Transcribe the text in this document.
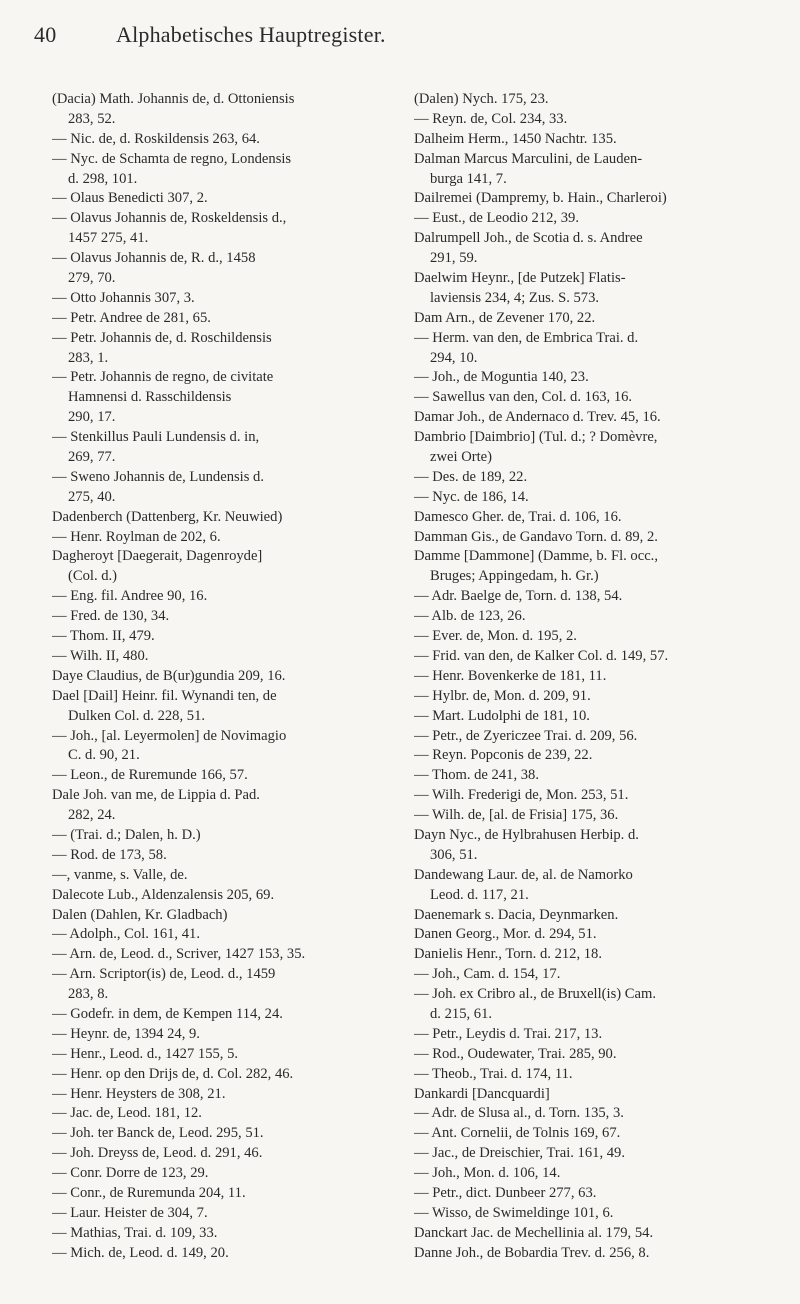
40	Alphabetisches Hauptregister.
(Dacia) Math. Johannis de, d. Ottoniensis
283, 52.
— Nic. de, d. Roskildensis 263, 64.
— Nyc. de Schamta de regno, Londensis
d. 298, 101.
— Olaus Benedicti 307, 2.
— Olavus Johannis de, Roskeldensis d.,
1457 275, 41.
— Olavus Johannis de, R. d., 1458
279, 70.
— Otto Johannis 307, 3.
— Petr. Andree de 281, 65.
— Petr. Johannis de, d. Roschildensis
283, 1.
— Petr. Johannis de regno, de civitate
Hamnensi d. Rasschildensis
290, 17.
— Stenkillus Pauli Lundensis d. in,
269, 77.
— Sweno Johannis de, Lundensis d.
275, 40.
Dadenberch (Dattenberg, Kr. Neuwied)
— Henr. Roylman de 202, 6.
Dagheroyt [Daegerait, Dagenroyde]
(Col. d.)
— Eng. fil. Andree 90, 16.
— Fred. de 130, 34.
— Thom. II, 479.
— Wilh. II, 480.
Daye Claudius, de B(ur)gundia 209, 16.
Dael [Dail] Heinr. fil. Wynandi ten, de
Dulken Col. d. 228, 51.
— Joh., [al. Leyermolen] de Novimagio
C. d. 90, 21.
— Leon., de Ruremunde 166, 57.
Dale Joh. van me, de Lippia d. Pad.
282, 24.
— (Trai. d.; Dalen, h. D.)
— Rod. de 173, 58.
—, vanme, s. Valle, de.
Dalecote Lub., Aldenzalensis 205, 69.
Dalen (Dahlen, Kr. Gladbach)
— Adolph., Col. 161, 41.
— Arn. de, Leod. d., Scriver, 1427 153, 35.
— Arn. Scriptor(is) de, Leod. d., 1459
283, 8.
— Godefr. in dem, de Kempen 114, 24.
— Heynr. de, 1394 24, 9.
— Henr., Leod. d., 1427 155, 5.
— Henr. op den Drijs de, d. Col. 282, 46.
— Henr. Heysters de 308, 21.
— Jac. de, Leod. 181, 12.
— Joh. ter Banck de, Leod. 295, 51.
— Joh. Dreyss de, Leod. d. 291, 46.
— Conr. Dorre de 123, 29.
— Conr., de Ruremunda 204, 11.
— Laur. Heister de 304, 7.
— Mathias, Trai. d. 109, 33.
— Mich. de, Leod. d. 149, 20.
(Dalen) Nych. 175, 23.
— Reyn. de, Col. 234, 33.
Dalheim Herm., 1450 Nachtr. 135.
Dalman Marcus Marculini, de Lauden-
burga 141, 7.
Dailremei (Dampremy, b. Hain., Charleroi)
— Eust., de Leodio 212, 39.
Dalrumpell Joh., de Scotia d. s. Andree
291, 59.
Daelwim Heynr., [de Putzek] Flatis-
laviensis 234, 4; Zus. S. 573.
Dam Arn., de Zevener 170, 22.
— Herm. van den, de Embrica Trai. d.
294, 10.
— Joh., de Moguntia 140, 23.
— Sawellus van den, Col. d. 163, 16.
Damar Joh., de Andernaco d. Trev. 45, 16.
Dambrio [Daimbrio] (Tul. d.; ? Domèvre,
zwei Orte)
— Des. de 189, 22.
— Nyc. de 186, 14.
Damesco Gher. de, Trai. d. 106, 16.
Damman Gis., de Gandavo Torn. d. 89, 2.
Damme [Dammone] (Damme, b. Fl. occ.,
Bruges; Appingedam, h. Gr.)
— Adr. Baelge de, Torn. d. 138, 54.
— Alb. de 123, 26.
— Ever. de, Mon. d. 195, 2.
— Frid. van den, de Kalker Col. d. 149, 57.
— Henr. Bovenkerke de 181, 11.
— Hylbr. de, Mon. d. 209, 91.
— Mart. Ludolphi de 181, 10.
— Petr., de Zyericzee Trai. d. 209, 56.
— Reyn. Popconis de 239, 22.
— Thom. de 241, 38.
— Wilh. Frederigi de, Mon. 253, 51.
— Wilh. de, [al. de Frisia] 175, 36.
Dayn Nyc., de Hylbrahusen Herbip. d.
306, 51.
Dandewang Laur. de, al. de Namorko
Leod. d. 117, 21.
Daenemark s. Dacia, Deynmarken.
Danen Georg., Mor. d. 294, 51.
Danielis Henr., Torn. d. 212, 18.
— Joh., Cam. d. 154, 17.
— Joh. ex Cribro al., de Bruxell(is) Cam.
d. 215, 61.
— Petr., Leydis d. Trai. 217, 13.
— Rod., Oudewater, Trai. 285, 90.
— Theob., Trai. d. 174, 11.
Dankardi [Dancquardi]
— Adr. de Slusa al., d. Torn. 135, 3.
— Ant. Cornelii, de Tolnis 169, 67.
— Jac., de Dreischier, Trai. 161, 49.
— Joh., Mon. d. 106, 14.
— Petr., dict. Dunbeer 277, 63.
— Wisso, de Swimeldinge 101, 6.
Danckart Jac. de Mechellinia al. 179, 54.
Danne Joh., de Bobardia Trev. d. 256, 8.
